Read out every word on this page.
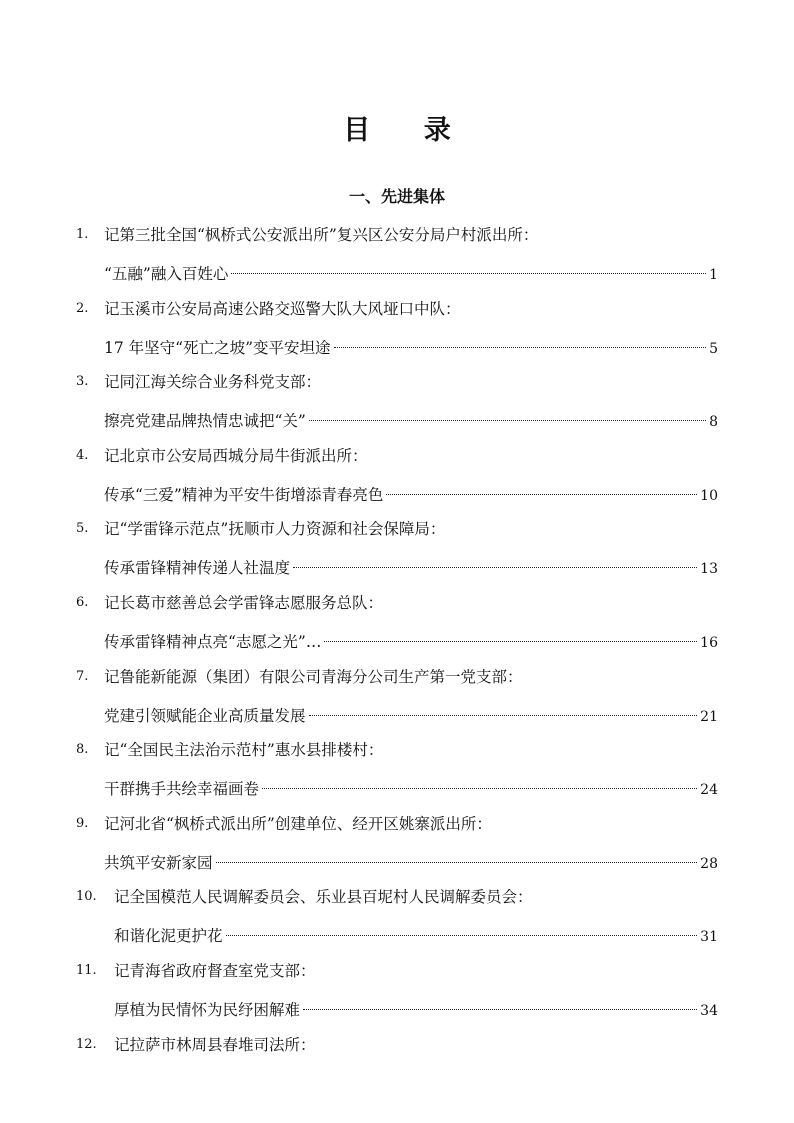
目 录
一、先进集体
1. 记第三批全国“枫桥式公安派出所”复兴区公安分局户村派出所：
“五融”融入百姓心	1
2. 记玉溪市公安局高速公路交巡警大队大风垭口中队：
17 年坚守“死亡之坡”变平安坦途	5
3. 记同江海关综合业务科党支部：
擦亮党建品牌热情忠诚把“关”	8
4. 记北京市公安局西城分局牛街派出所：
传承“三爱”精神为平安牛街增添青春亮色	10
5. 记“学雷锋示范点”抚顺市人力资源和社会保障局：
传承雷锋精神传递人社温度	13
6. 记长葛市慈善总会学雷锋志愿服务总队：
传承雷锋精神点亮“志愿之光”…	16
7. 记鲁能新能源（集团）有限公司青海分公司生产第一党支部：
党建引领赋能企业高质量发展	21
8. 记“全国民主法治示范村”惠水县排楼村：
干群携手共绘幸福画卷	24
9. 记河北省“枫桥式派出所”创建单位、经开区姚寨派出所：
共筑平安新家园	28
10. 记全国模范人民调解委员会、乐业县百坭村人民调解委员会：
和谐化泥更护花	31
11. 记青海省政府督查室党支部：
厚植为民情怀为民纾困解难	34
12. 记拉萨市林周县春堆司法所：
